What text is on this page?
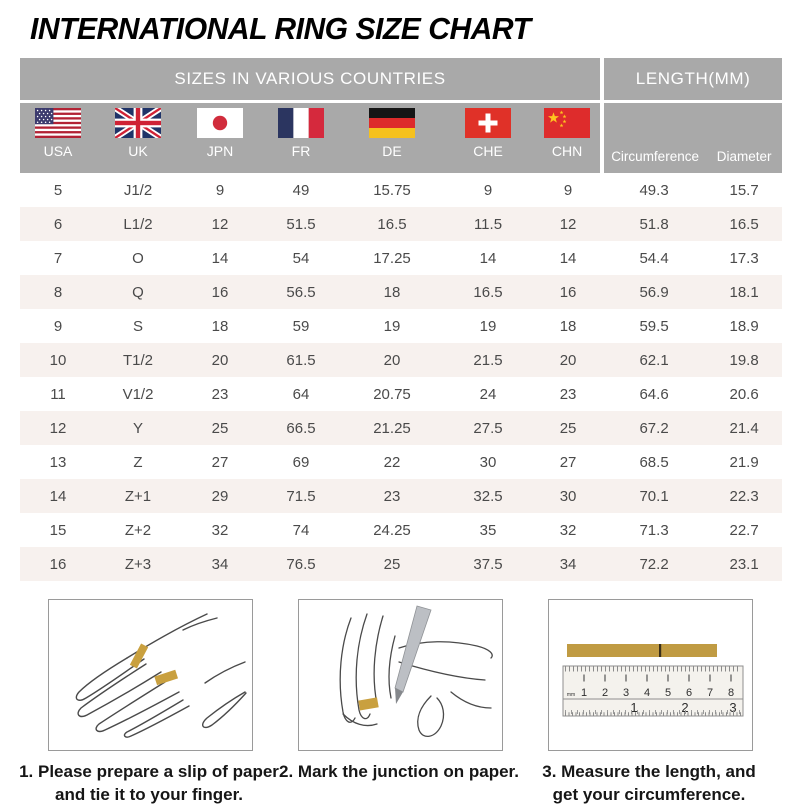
INTERNATIONAL RING SIZE CHART
SIZES IN VARIOUS COUNTRIES							LENGTH(MM)	

USA	UK	JPN	FR	DE	CHE	CHN	Circumference	Diameter
5	J1/2	9	49	15.75	9	9	49.3	15.7
6	L1/2	12	51.5	16.5	11.5	12	51.8	16.5
7	O	14	54	17.25	14	14	54.4	17.3
8	Q	16	56.5	18	16.5	16	56.9	18.1
9	S	18	59	19	19	18	59.5	18.9
10	T1/2	20	61.5	20	21.5	20	62.1	19.8
11	V1/2	23	64	20.75	24	23	64.6	20.6
12	Y	25	66.5	21.25	27.5	25	67.2	21.4
13	Z	27	69	22	30	27	68.5	21.9
14	Z+1	29	71.5	23	32.5	30	70.1	22.3
15	Z+2	32	74	24.25	35	32	71.3	22.7
16	Z+3	34	76.5	25	37.5	34	72.2	23.1

1. Please prepare a slip of paper
and tie it to your finger.

2. Mark the junction on paper.

mm 1 2 3 4 5 6 7 8
1	2	3

3. Measure the length, and
get your circumference.
